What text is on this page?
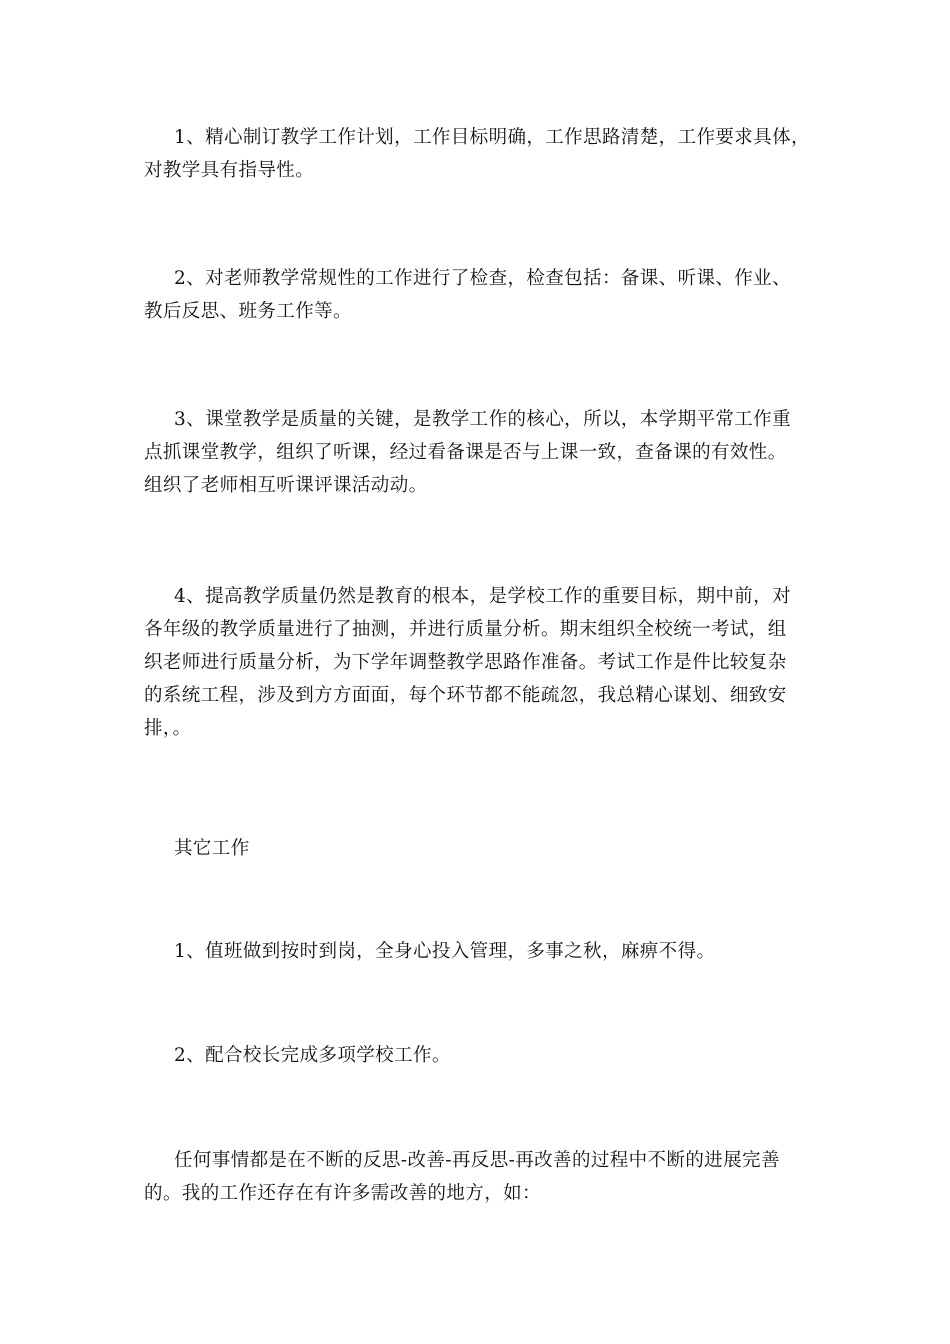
1、精心制订教学工作计划，工作目标明确，工作思路清楚，工作要求具体，
对教学具有指导性。

2、对老师教学常规性的工作进行了检查，检查包括：备课、听课、作业、
教后反思、班务工作等。

3、课堂教学是质量的关键，是教学工作的核心，所以，本学期平常工作重
点抓课堂教学，组织了听课，经过看备课是否与上课一致，查备课的有效性。
组织了老师相互听课评课活动动。

4、提高教学质量仍然是教育的根本，是学校工作的重要目标，期中前，对
各年级的教学质量进行了抽测，并进行质量分析。期末组织全校统一考试，组
织老师进行质量分析，为下学年调整教学思路作准备。考试工作是件比较复杂
的系统工程，涉及到方方面面，每个环节都不能疏忽，我总精心谋划、细致安
排，。

其它工作

1、值班做到按时到岗，全身心投入管理，多事之秋，麻痹不得。

2、配合校长完成多项学校工作。

任何事情都是在不断的反思-改善-再反思-再改善的过程中不断的进展完善
的。我的工作还存在有许多需改善的地方，如：
